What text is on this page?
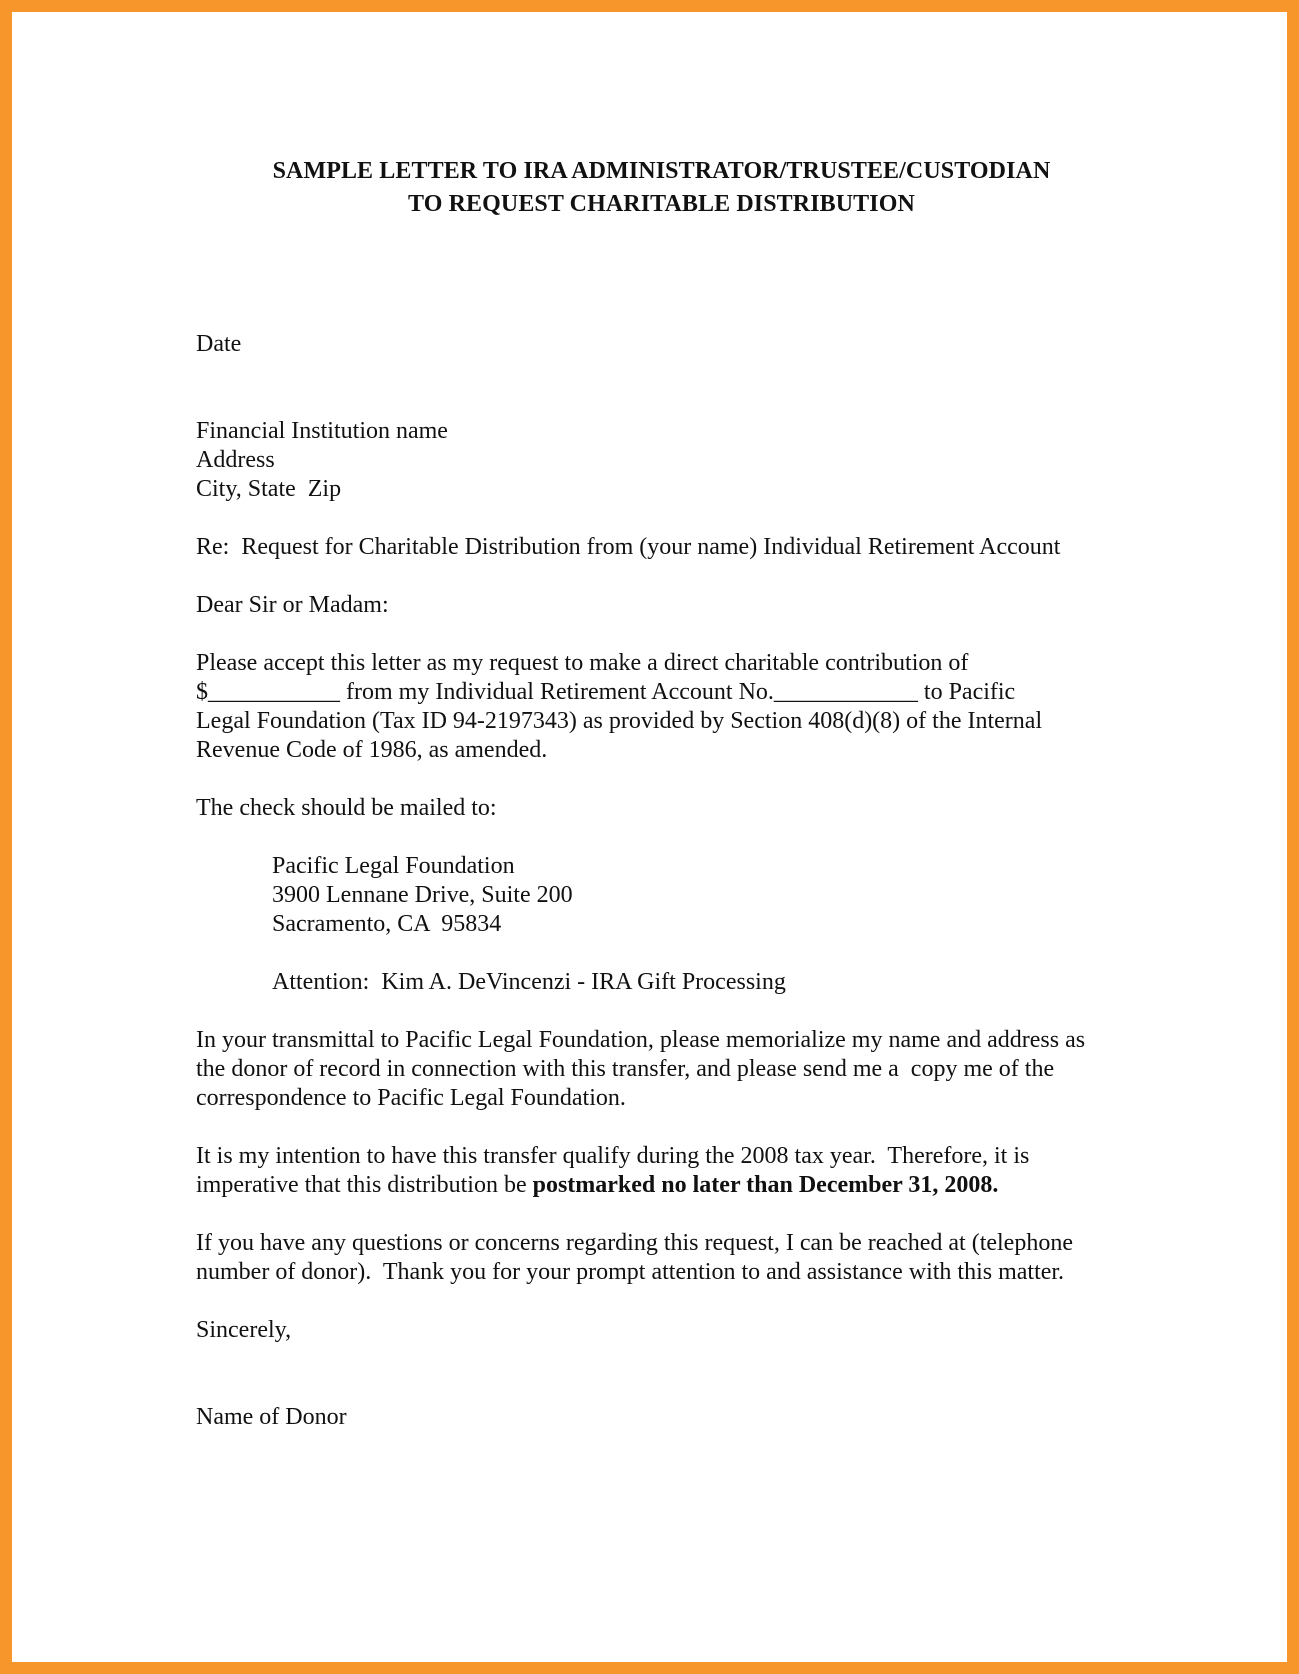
SAMPLE LETTER TO IRA ADMINISTRATOR/TRUSTEE/CUSTODIAN
TO REQUEST CHARITABLE DISTRIBUTION
Date
Financial Institution name
Address
City, State  Zip
Re:  Request for Charitable Distribution from (your name) Individual Retirement Account
Dear Sir or Madam:
Please accept this letter as my request to make a direct charitable contribution of
$___________ from my Individual Retirement Account No.____________ to Pacific
Legal Foundation (Tax ID 94-2197343) as provided by Section 408(d)(8) of the Internal
Revenue Code of 1986, as amended.
The check should be mailed to:
Pacific Legal Foundation
3900 Lennane Drive, Suite 200
Sacramento, CA  95834
Attention:  Kim A. DeVincenzi - IRA Gift Processing
In your transmittal to Pacific Legal Foundation, please memorialize my name and address as
the donor of record in connection with this transfer, and please send me a  copy me of the
correspondence to Pacific Legal Foundation.
It is my intention to have this transfer qualify during the 2008 tax year.  Therefore, it is
imperative that this distribution be postmarked no later than December 31, 2008.
If you have any questions or concerns regarding this request, I can be reached at (telephone
number of donor).  Thank you for your prompt attention to and assistance with this matter.
Sincerely,
Name of Donor
